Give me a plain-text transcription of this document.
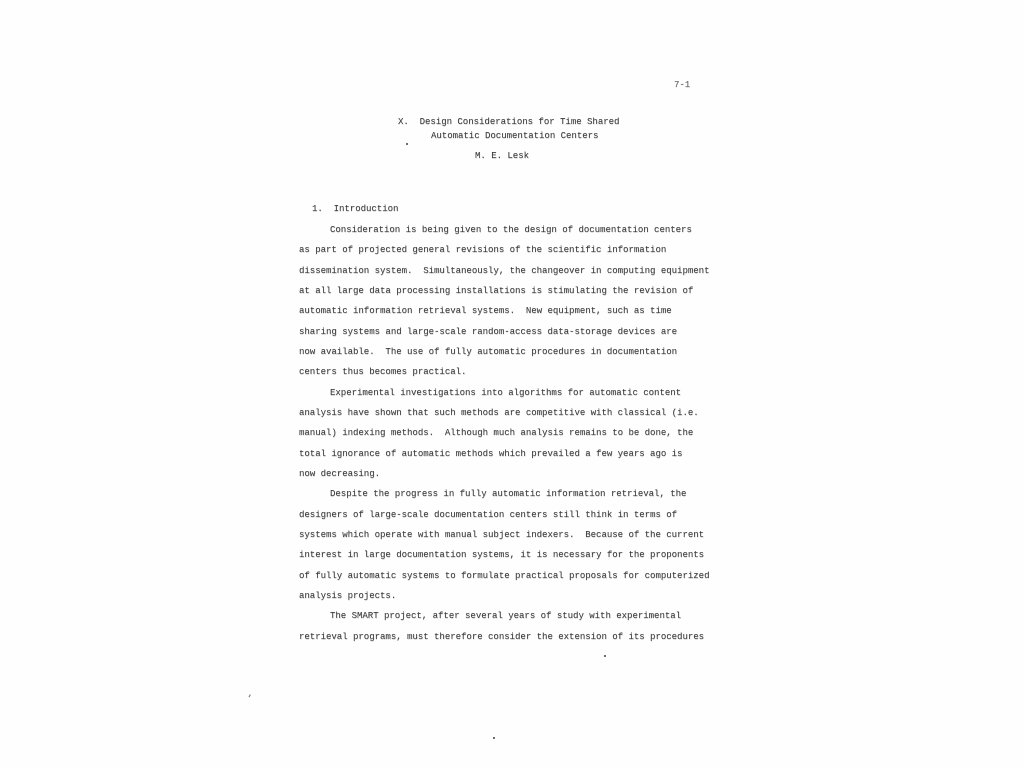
7-1
X.  Design Considerations for Time Shared
Automatic Documentation Centers
M. E. Lesk
1.  Introduction
Consideration is being given to the design of documentation centers
as part of projected general revisions of the scientific information
dissemination system.  Simultaneously, the changeover in computing equipment
at all large data processing installations is stimulating the revision of
automatic information retrieval systems.  New equipment, such as time
sharing systems and large-scale random-access data-storage devices are
now available.  The use of fully automatic procedures in documentation
centers thus becomes practical.
Experimental investigations into algorithms for automatic content
analysis have shown that such methods are competitive with classical (i.e.
manual) indexing methods.  Although much analysis remains to be done, the
total ignorance of automatic methods which prevailed a few years ago is
now decreasing.
Despite the progress in fully automatic information retrieval, the
designers of large-scale documentation centers still think in terms of
systems which operate with manual subject indexers.  Because of the current
interest in large documentation systems, it is necessary for the proponents
of fully automatic systems to formulate practical proposals for computerized
analysis projects.
The SMART project, after several years of study with experimental
retrieval programs, must therefore consider the extension of its procedures
